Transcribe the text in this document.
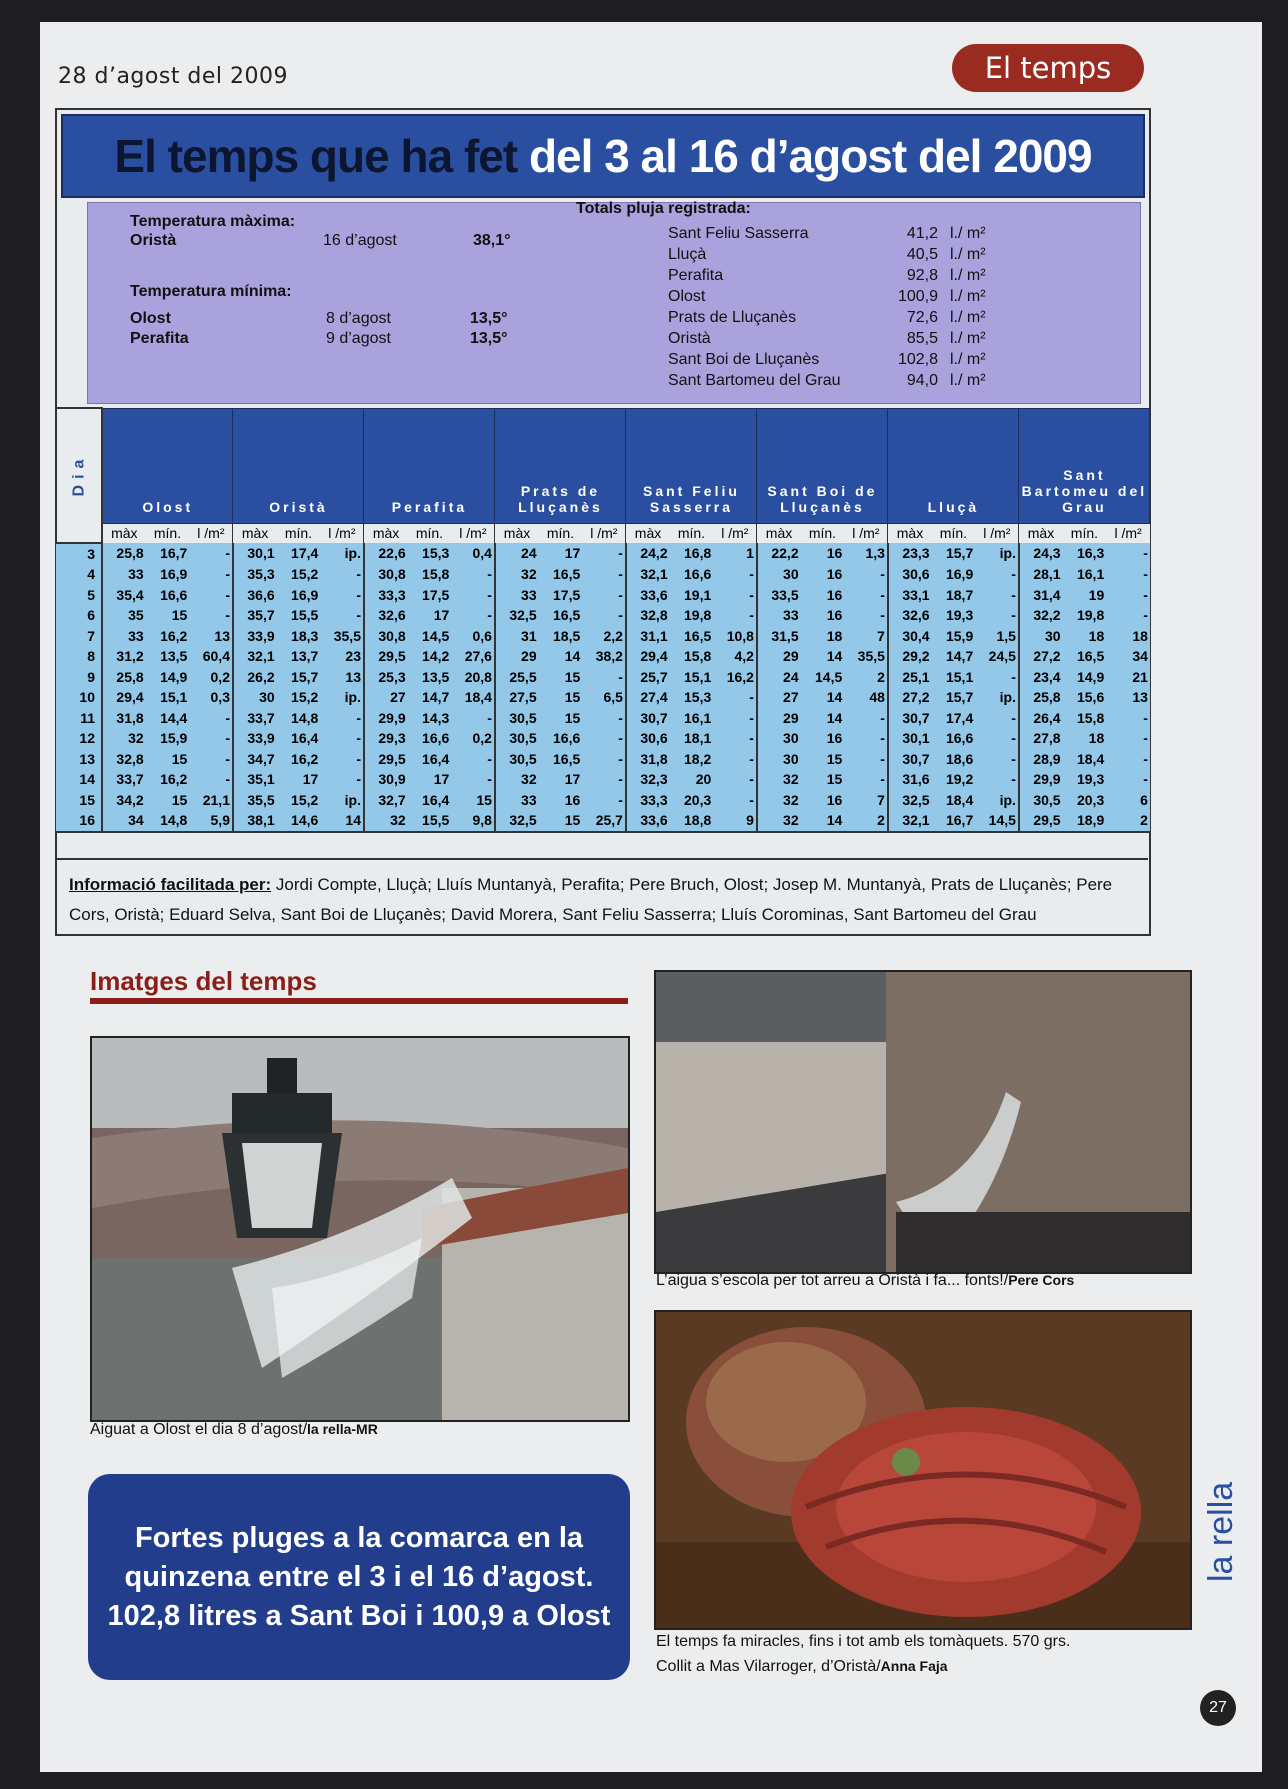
28 d’agost del 2009	El temps
El temps que ha fet del 3 al 16 d’agost del 2009
Temperatura màxima:
Oristà	16 d’agost	38,1°
Temperatura mínima:
Olost	8 d’agost	13,5°
Perafita	9 d’agost	13,5°
Totals pluja registrada:
Sant Feliu Sasserra	41,2 l./ m²
Lluçà	40,5 l./ m²
Perafita	92,8 l./ m²
Olost	100,9 l./ m²
Prats de Lluçanès	72,6 l./ m²
Oristà	85,5 l./ m²
Sant Boi de Lluçanès	102,8 l./ m²
Sant Bartomeu del Grau	94,0 l./ m²
Dia	Olost			Oristà			Perafita			Prats de Lluçanès			Sant Feliu Sasserra			Sant Boi de Lluçanès			Lluçà			Sant Bartomeu del Grau		
	màx	mín.	l /m²	màx	mín.	l /m²	màx	mín.	l /m²	màx	mín.	l /m²	màx	mín.	l /m²	màx	mín.	l /m²	màx	mín.	l /m²	màx	mín.	l /m²
3	25,8	16,7	-	30,1	17,4	ip.	22,6	15,3	0,4	24	17	-	24,2	16,8	1	22,2	16	1,3	23,3	15,7	ip.	24,3	16,3	-
4	33	16,9	-	35,3	15,2	-	30,8	15,8	-	32	16,5	-	32,1	16,6	-	30	16	-	30,6	16,9	-	28,1	16,1	-
5	35,4	16,6	-	36,6	16,9	-	33,3	17,5	-	33	17,5	-	33,6	19,1	-	33,5	16	-	33,1	18,7	-	31,4	19	-
6	35	15	-	35,7	15,5	-	32,6	17	-	32,5	16,5	-	32,8	19,8	-	33	16	-	32,6	19,3	-	32,2	19,8	-
7	33	16,2	13	33,9	18,3	35,5	30,8	14,5	0,6	31	18,5	2,2	31,1	16,5	10,8	31,5	18	7	30,4	15,9	1,5	30	18	18
8	31,2	13,5	60,4	32,1	13,7	23	29,5	14,2	27,6	29	14	38,2	29,4	15,8	4,2	29	14	35,5	29,2	14,7	24,5	27,2	16,5	34
9	25,8	14,9	0,2	26,2	15,7	13	25,3	13,5	20,8	25,5	15	-	25,7	15,1	16,2	24	14,5	2	25,1	15,1	-	23,4	14,9	21
10	29,4	15,1	0,3	30	15,2	ip.	27	14,7	18,4	27,5	15	6,5	27,4	15,3	-	27	14	48	27,2	15,7	ip.	25,8	15,6	13
11	31,8	14,4	-	33,7	14,8	-	29,9	14,3	-	30,5	15	-	30,7	16,1	-	29	14	-	30,7	17,4	-	26,4	15,8	-
12	32	15,9	-	33,9	16,4	-	29,3	16,6	0,2	30,5	16,6	-	30,6	18,1	-	30	16	-	30,1	16,6	-	27,8	18	-
13	32,8	15	-	34,7	16,2	-	29,5	16,4	-	30,5	16,5	-	31,8	18,2	-	30	15	-	30,7	18,6	-	28,9	18,4	-
14	33,7	16,2	-	35,1	17	-	30,9	17	-	32	17	-	32,3	20	-	32	15	-	31,6	19,2	-	29,9	19,3	-
15	34,2	15	21,1	35,5	15,2	ip.	32,7	16,4	15	33	16	-	33,3	20,3	-	32	16	7	32,5	18,4	ip.	30,5	20,3	6
16	34	14,8	5,9	38,1	14,6	14	32	15,5	9,8	32,5	15	25,7	33,6	18,8	9	32	14	2	32,1	16,7	14,5	29,5	18,9	2
Informació facilitada per: Jordi Compte, Lluçà; Lluís Muntanyà, Perafita; Pere Bruch, Olost; Josep M. Muntanyà, Prats de Lluçanès; Pere Cors, Oristà; Eduard Selva, Sant Boi de Lluçanès; David Morera, Sant Feliu Sasserra; Lluís Corominas, Sant Bartomeu del Grau
Imatges del temps
Aiguat a Olost el dia 8 d’agost/la rella-MR
L’aigua s’escola per tot arreu a Oristà i fa... fonts!/Pere Cors
El temps fa miracles, fins i tot amb els tomàquets. 570 grs.
Collit a Mas Vilarroger, d’Oristà/Anna Faja
Fortes pluges a la comarca en la quinzena entre el 3 i el 16 d’agost. 102,8 litres a Sant Boi i 100,9 a Olost
la rella
27
